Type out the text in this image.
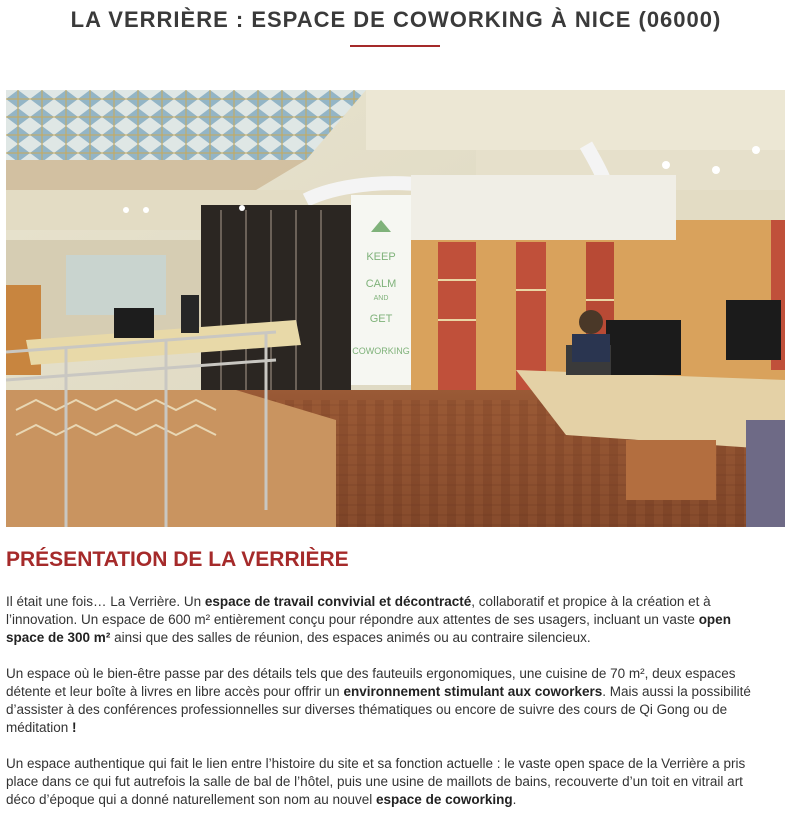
LA VERRIÈRE : ESPACE DE COWORKING À NICE (06000)
KEEP
CALM
AND
GET
COWORKING
PRÉSENTATION DE LA VERRIÈRE

Il était une fois… La Verrière. Un espace de travail convivial et décontracté, collaboratif et propice à la création et à l’innovation. Un espace de 600 m² entièrement conçu pour répondre aux attentes de ses usagers, incluant un vaste open space de 300 m² ainsi que des salles de réunion, des espaces animés ou au contraire silencieux.

Un espace où le bien-être passe par des détails tels que des fauteuils ergonomiques, une cuisine de 70 m², deux espaces détente et leur boîte à livres en libre accès pour offrir un environnement stimulant aux coworkers. Mais aussi la possibilité d’assister à des conférences professionnelles sur diverses thématiques ou encore de suivre des cours de Qi Gong ou de méditation !

Un espace authentique qui fait le lien entre l’histoire du site et sa fonction actuelle : le vaste open space de la Verrière a pris place dans ce qui fut autrefois la salle de bal de l’hôtel, puis une usine de maillots de bains, recouverte d’un toit en vitrail art déco d’époque qui a donné naturellement son nom au nouvel espace de coworking.
